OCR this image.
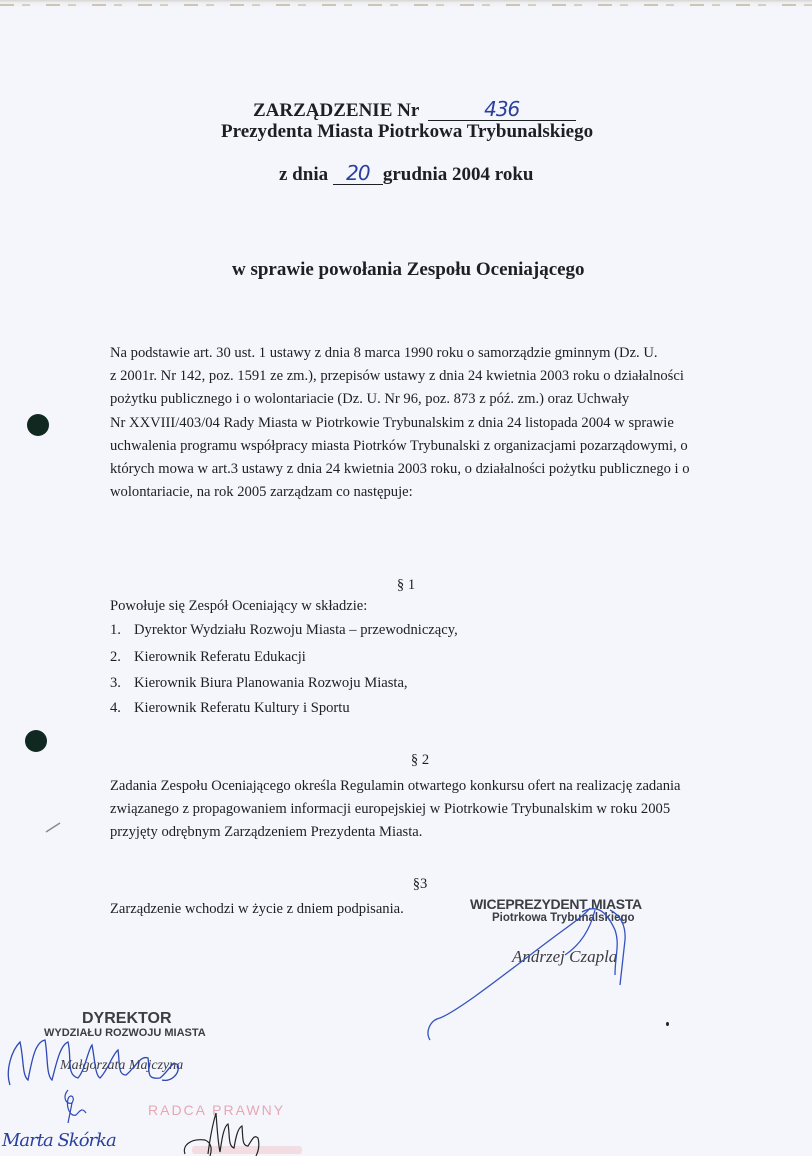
ZARZĄDZENIE Nr	436
Prezydenta Miasta Piotrkowa Trybunalskiego
z dnia 20 grudnia 2004 roku
w sprawie powołania Zespołu Oceniającego
Na podstawie art. 30 ust. 1 ustawy z dnia 8 marca 1990 roku o samorządzie gminnym (Dz. U.
z 2001r. Nr 142, poz. 1591 ze zm.), przepisów ustawy z dnia 24 kwietnia 2003 roku o działalności
pożytku publicznego i o wolontariacie (Dz. U. Nr 96, poz. 873 z póź. zm.) oraz Uchwały
Nr XXVIII/403/04 Rady Miasta w Piotrkowie Trybunalskim z dnia 24 listopada 2004 w sprawie
uchwalenia programu współpracy miasta Piotrków Trybunalski z organizacjami pozarządowymi, o
których mowa w art.3 ustawy z dnia 24 kwietnia 2003 roku, o działalności pożytku publicznego i o
wolontariacie, na rok 2005 zarządzam co następuje:
§ 1
Powołuje się Zespół Oceniający w składzie:
1. Dyrektor Wydziału Rozwoju Miasta – przewodniczący,
2. Kierownik Referatu Edukacji
3. Kierownik Biura Planowania Rozwoju Miasta,
4. Kierownik Referatu Kultury i Sportu
§ 2
Zadania Zespołu Oceniającego określa Regulamin otwartego konkursu ofert na realizację zadania
związanego z propagowaniem informacji europejskiej w Piotrkowie Trybunalskim w roku 2005
przyjęty odrębnym Zarządzeniem Prezydenta Miasta.
§3
Zarządzenie wchodzi w życie z dniem podpisania.	WICEPREZYDENT MIASTA
Piotrkowa Trybunalskiego
Andrzej Czapla
DYREKTOR
WYDZIAŁU ROZWOJU MIASTA
Małgorzata Majczyna
Marta Skórka
RADCA PRAWNY
